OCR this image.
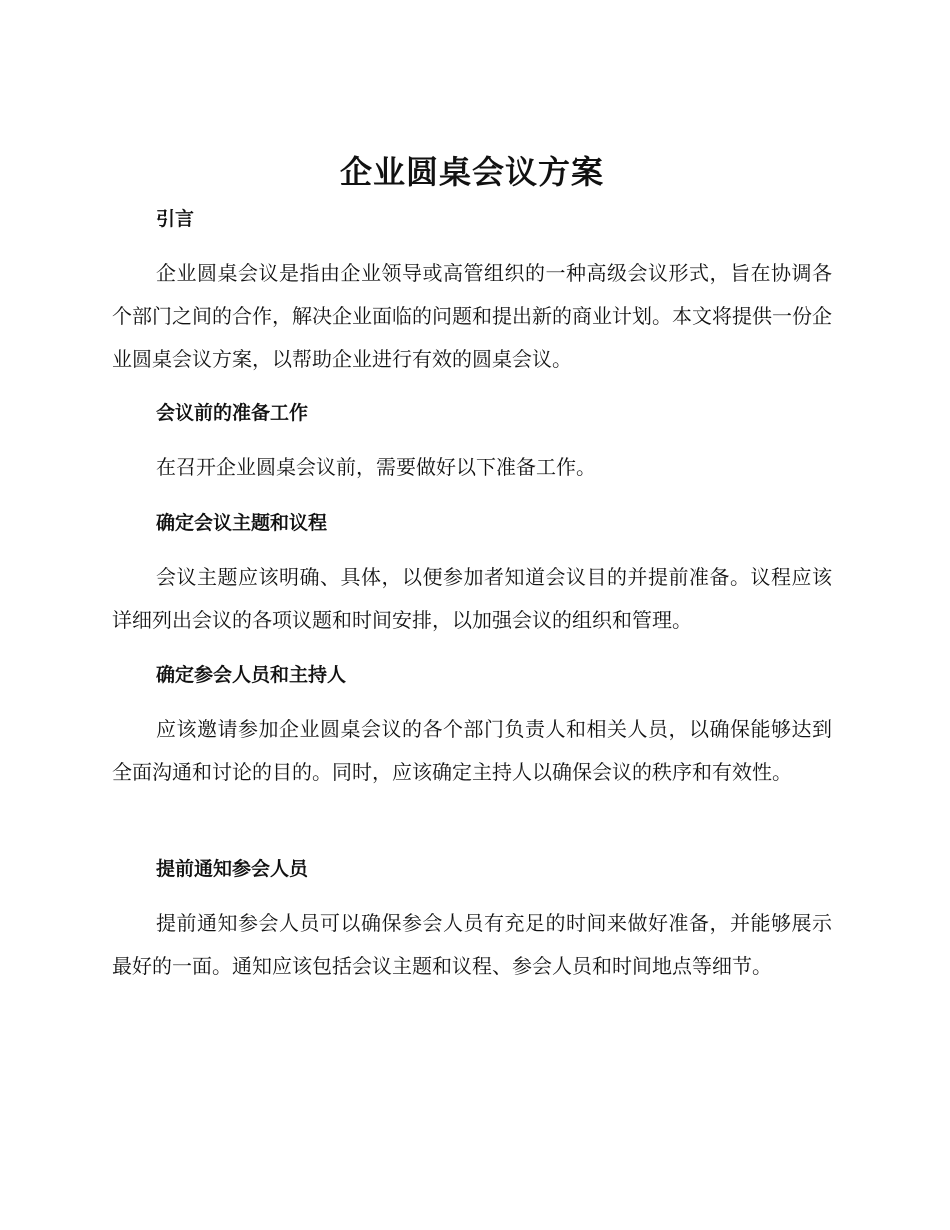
企业圆桌会议方案
引言

企业圆桌会议是指由企业领导或高管组织的一种高级会议形式，旨在协调各个部门之间的合作，解决企业面临的问题和提出新的商业计划。本文将提供一份企业圆桌会议方案，以帮助企业进行有效的圆桌会议。

会议前的准备工作

在召开企业圆桌会议前，需要做好以下准备工作。

确定会议主题和议程

会议主题应该明确、具体，以便参加者知道会议目的并提前准备。议程应该详细列出会议的各项议题和时间安排，以加强会议的组织和管理。

确定参会人员和主持人

应该邀请参加企业圆桌会议的各个部门负责人和相关人员，以确保能够达到全面沟通和讨论的目的。同时，应该确定主持人以确保会议的秩序和有效性。

提前通知参会人员

提前通知参会人员可以确保参会人员有充足的时间来做好准备，并能够展示最好的一面。通知应该包括会议主题和议程、参会人员和时间地点等细节。
